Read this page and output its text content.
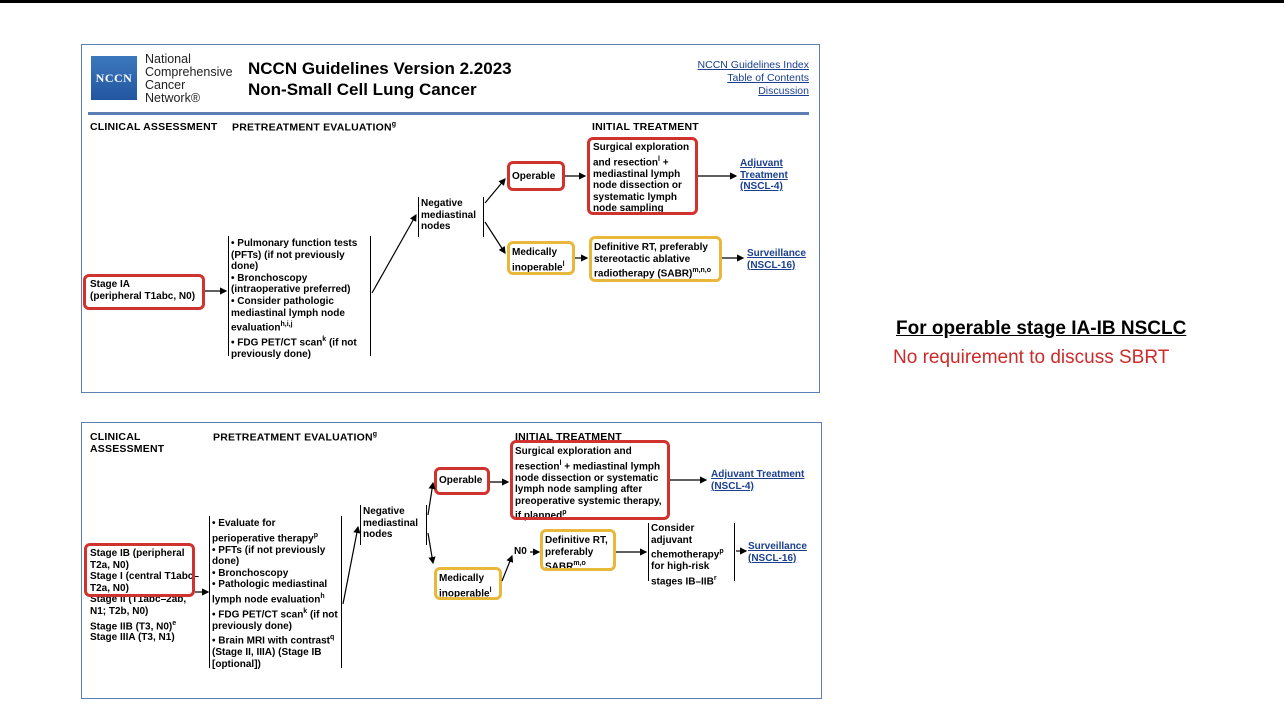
NCCN
National
Comprehensive
Cancer
Network®
NCCN Guidelines Version 2.2023
Non-Small Cell Lung Cancer
NCCN Guidelines Index
Table of Contents
Discussion
CLINICAL ASSESSMENT PRETREATMENT EVALUATION$^g$	INITIAL TREATMENT
Stage IA
(peripheral T1abc, N0)
• Pulmonary function tests (PFTs) (if not previously done)
• Bronchoscopy (intraoperative preferred)
• Consider pathologic mediastinal lymph node evaluation$^{h,i,j}$
• FDG PET/CT scan$^k$ (if not previously done)
Negative mediastinal nodes
Operable
Surgical exploration and resection$^l$ + mediastinal lymph node dissection or systematic lymph node sampling
Adjuvant Treatment (NSCL-4)
Medically inoperable$^l$
Definitive RT, preferably stereotactic ablative radiotherapy (SABR)$^{m,n,o}$
Surveillance (NSCL-16)
CLINICAL ASSESSMENT
PRETREATMENT EVALUATION$^g$	INITIAL TREATMENT
Stage IB (peripheral T2a, N0)
Stage I (central T1abc–T2a, N0)
Stage II (T1abc–2ab, N1; T2b, N0)
Stage IIB (T3, N0)$^e$
Stage IIIA (T3, N1)
• Evaluate for perioperative therapy$^p$
• PFTs (if not previously done)
• Bronchoscopy
• Pathologic mediastinal lymph node evaluation$^h$
• FDG PET/CT scan$^k$ (if not previously done)
• Brain MRI with contrast$^q$ (Stage II, IIIA) (Stage IB [optional])
Negative mediastinal nodes
Operable
Surgical exploration and resection$^l$ + mediastinal lymph node dissection or systematic lymph node sampling after preoperative systemic therapy, if planned$^p$
Adjuvant Treatment (NSCL-4)
Medically inoperable$^l$
N0
Definitive RT, preferably SABR$^{m,o}$
Consider adjuvant chemotherapy$^p$ for high-risk stages IB–IIB$^r$
Surveillance (NSCL-16)
For operable stage IA-IB NSCLC
No requirement to discuss SBRT
